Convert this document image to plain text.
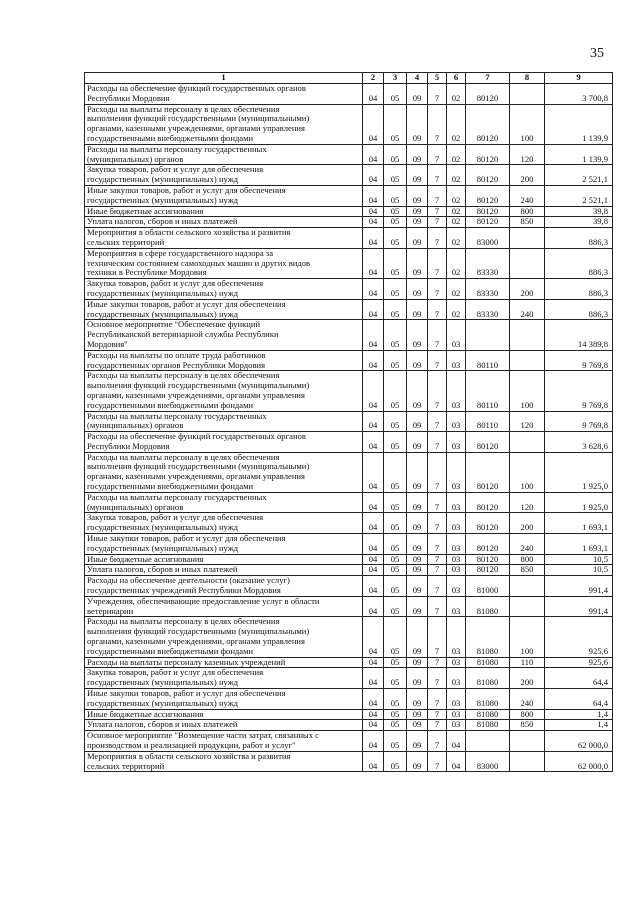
35
1	2	3	4	5	6	7	8	9
Расходы на обеспечение функций государственных органов
Республики Мордовия	04	05	09	7	02	80120		3 700,8
Расходы на выплаты персоналу в целях обеспечения
выполнения функций государственными (муниципальными)
органами, казенными учреждениями, органами управления
государственными внебюджетными фондами	04	05	09	7	02	80120	100	1 139,9
Расходы на выплаты персоналу государственных
(муниципальных) органов	04	05	09	7	02	80120	120	1 139,9
Закупка товаров, работ и услуг для обеспечения
государственных (муниципальных) нужд	04	05	09	7	02	80120	200	2 521,1
Иные закупки товаров, работ и услуг для обеспечения
государственных (муниципальных) нужд	04	05	09	7	02	80120	240	2 521,1
Иные бюджетные ассигнования	04	05	09	7	02	80120	800	39,8
Уплата налогов, сборов и иных платежей	04	05	09	7	02	80120	850	39,8
Мероприятия в области сельского хозяйства и развития
сельских территорий	04	05	09	7	02	83000		886,3
Мероприятия в сфере государственного надзора за
техническим состоянием самоходных машин и других видов
техники в Республике Мордовия	04	05	09	7	02	83330		886,3
Закупка товаров, работ и услуг для обеспечения
государственных (муниципальных) нужд	04	05	09	7	02	83330	200	886,3
Иные закупки товаров, работ и услуг для обеспечения
государственных (муниципальных) нужд	04	05	09	7	02	83330	240	886,3
Основное мероприятие "Обеспечение функций
Республиканской ветеринарной службы Республики
Мордовия"	04	05	09	7	03			14 389,8
Расходы на выплаты по оплате труда работников
государственных органов Республики Мордовия	04	05	09	7	03	80110		9 769,8
Расходы на выплаты персоналу в целях обеспечения
выполнения функций государственными (муниципальными)
органами, казенными учреждениями, органами управления
государственными внебюджетными фондами	04	05	09	7	03	80110	100	9 769,8
Расходы на выплаты персоналу государственных
(муниципальных) органов	04	05	09	7	03	80110	120	9 769,8
Расходы на обеспечение функций государственных органов
Республики Мордовия	04	05	09	7	03	80120		3 628,6
Расходы на выплаты персоналу в целях обеспечения
выполнения функций государственными (муниципальными)
органами, казенными учреждениями, органами управления
государственными внебюджетными фондами	04	05	09	7	03	80120	100	1 925,0
Расходы на выплаты персоналу государственных
(муниципальных) органов	04	05	09	7	03	80120	120	1 925,0
Закупка товаров, работ и услуг для обеспечения
государственных (муниципальных) нужд	04	05	09	7	03	80120	200	1 693,1
Иные закупки товаров, работ и услуг для обеспечения
государственных (муниципальных) нужд	04	05	09	7	03	80120	240	1 693,1
Иные бюджетные ассигнования	04	05	09	7	03	80120	800	10,5
Уплата налогов, сборов и иных платежей	04	05	09	7	03	80120	850	10,5
Расходы на обеспечение деятельности (оказание услуг)
государственных учреждений Республики Мордовия	04	05	09	7	03	81000		991,4
Учреждения, обеспечивающие предоставление услуг в области
ветеринарии	04	05	09	7	03	81080		991,4
Расходы на выплаты персоналу в целях обеспечения
выполнения функций государственными (муниципальными)
органами, казенными учреждениями, органами управления
государственными внебюджетными фондами	04	05	09	7	03	81080	100	925,6
Расходы на выплаты персоналу казенных учреждений	04	05	09	7	03	81080	110	925,6
Закупка товаров, работ и услуг для обеспечения
государственных (муниципальных) нужд	04	05	09	7	03	81080	200	64,4
Иные закупки товаров, работ и услуг для обеспечения
государственных (муниципальных) нужд	04	05	09	7	03	81080	240	64,4
Иные бюджетные ассигнования	04	05	09	7	03	81080	800	1,4
Уплата налогов, сборов и иных платежей	04	05	09	7	03	81080	850	1,4
Основное мероприятие "Возмещение части затрат, связанных с
производством и реализацией продукции, работ и услуг"	04	05	09	7	04			62 000,0
Мероприятия в области сельского хозяйства и развития
сельских территорий	04	05	09	7	04	83000		62 000,0
